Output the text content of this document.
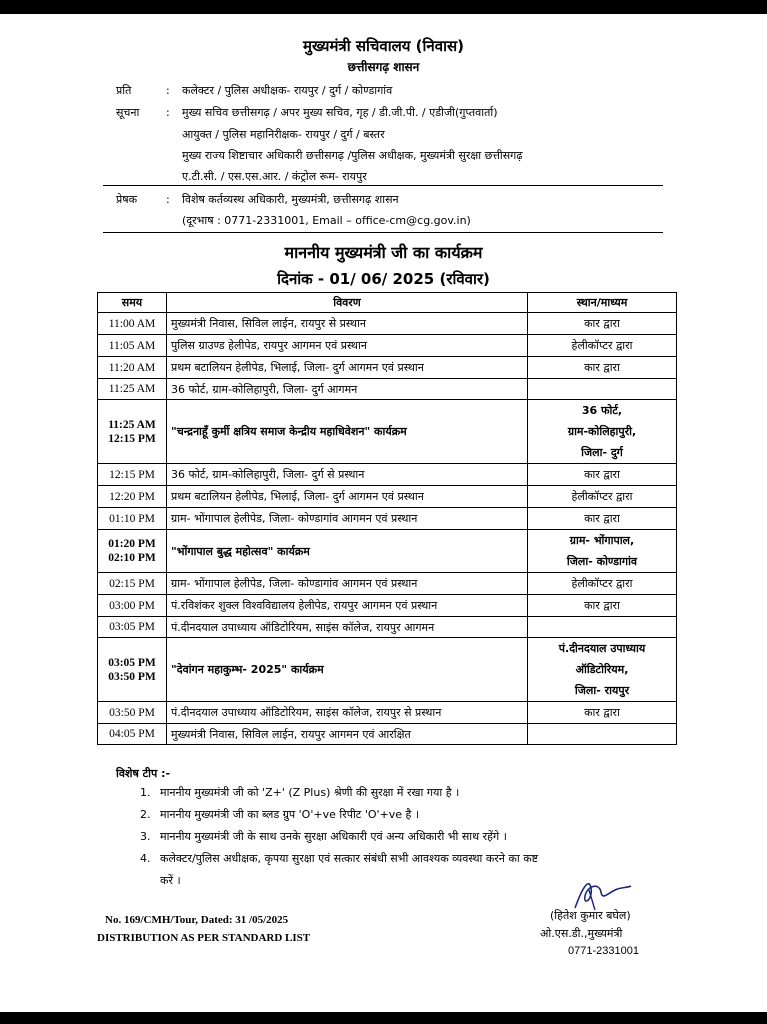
मुख्यमंत्री सचिवालय (निवास)
छत्तीसगढ़ शासन
प्रति	: कलेक्टर / पुलिस अधीक्षक- रायपुर / दुर्ग / कोण्डागांव
सूचना	: मुख्य सचिव छत्तीसगढ़ / अपर मुख्य सचिव, गृह / डी.जी.पी. / एडीजी(गुप्तवार्ता)
आयुक्त / पुलिस महानिरीक्षक- रायपुर / दुर्ग / बस्तर
मुख्य राज्य शिष्टाचार अधिकारी छत्तीसगढ़ /पुलिस अधीक्षक, मुख्यमंत्री सुरक्षा छत्तीसगढ़
ए.टी.सी. / एस.एस.आर. / कंट्रोल रूम- रायपुर
प्रेषक	: विशेष कर्तव्यस्थ अधिकारी, मुख्यमंत्री, छत्तीसगढ़ शासन
(दूरभाष : 0771-2331001, Email – office-cm@cg.gov.in)
माननीय मुख्यमंत्री जी का कार्यक्रम
दिनांक - 01/ 06/ 2025 (रविवार)
समय	विवरण	स्थान/माध्यम

11:00 AM	मुख्यमंत्री निवास, सिविल लाईन, रायपुर से प्रस्थान	कार द्वारा

11:05 AM	पुलिस ग्राउण्ड हेलीपेड, रायपुर आगमन एवं प्रस्थान	हेलीकॉप्टर द्वारा

11:20 AM	प्रथम बटालियन हेलीपेड, भिलाई, जिला- दुर्ग आगमन एवं प्रस्थान	कार द्वारा

11:25 AM	36 फोर्ट, ग्राम-कोलिहापुरी, जिला- दुर्ग आगमन	

11:25 AM
12:15 PM	"चन्द्रनाहूँ कुर्मी क्षत्रिय समाज केन्द्रीय महाधिवेशन" कार्यक्रम	36 फोर्ट,
ग्राम-कोलिहापुरी,
जिला- दुर्ग

12:15 PM	36 फोर्ट, ग्राम-कोलिहापुरी, जिला- दुर्ग से प्रस्थान	कार द्वारा

12:20 PM	प्रथम बटालियन हेलीपेड, भिलाई, जिला- दुर्ग आगमन एवं प्रस्थान	हेलीकॉप्टर द्वारा

01:10 PM	ग्राम- भोंगापाल हेलीपेड, जिला- कोण्डागांव आगमन एवं प्रस्थान	कार द्वारा

01:20 PM
02:10 PM	"भोंगापाल बुद्ध महोत्सव" कार्यक्रम	ग्राम- भोंगापाल,
जिला- कोण्डागांव

02:15 PM	ग्राम- भोंगापाल हेलीपेड, जिला- कोण्डागांव आगमन एवं प्रस्थान	हेलीकॉप्टर द्वारा

03:00 PM	पं.रविशंकर शुक्ल विश्वविद्यालय हेलीपेड, रायपुर आगमन एवं प्रस्थान	कार द्वारा

03:05 PM	पं.दीनदयाल उपाध्याय ऑडिटोरियम, साइंस कॉलेज, रायपुर आगमन	

03:05 PM
03:50 PM	"देवांगन महाकुम्भ- 2025" कार्यक्रम	पं.दीनदयाल उपाध्याय
ऑडिटोरियम,
जिला- रायपुर

03:50 PM	पं.दीनदयाल उपाध्याय ऑडिटोरियम, साइंस कॉलेज, रायपुर से प्रस्थान	कार द्वारा

04:05 PM	मुख्यमंत्री निवास, सिविल लाईन, रायपुर आगमन एवं आरक्षित	
विशेष टीप :-
1. माननीय मुख्यमंत्री जी को 'Z+' (Z Plus) श्रेणी की सुरक्षा में रखा गया है ।
2. माननीय मुख्यमंत्री जी का ब्लड ग्रुप 'O'+ve रिपीट 'O'+ve है ।
3. माननीय मुख्यमंत्री जी के साथ उनके सुरक्षा अधिकारी एवं अन्य अधिकारी भी साथ रहेंगे ।
4. कलेक्टर/पुलिस अधीक्षक, कृपया सुरक्षा एवं सत्कार संबंधी सभी आवश्यक व्यवस्था करने का कष्ट
करें ।
No. 169/CMH/Tour, Dated: 31 /05/2025
DISTRIBUTION AS PER STANDARD LIST
(हितेश कुमार बघेल)
ओ.एस.डी.,मुख्यमंत्री
0771-2331001
